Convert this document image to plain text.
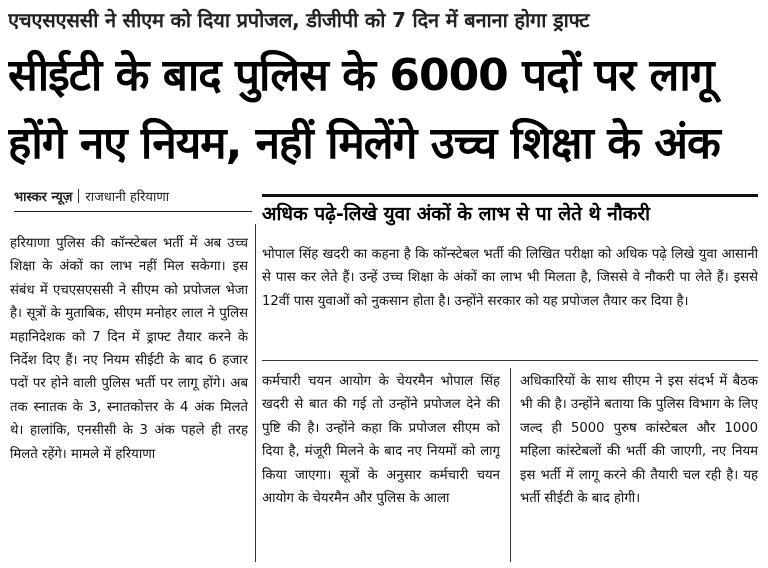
एचएसएससी ने सीएम को दिया प्रपोजल, डीजीपी को 7 दिन में बनाना होगा ड्राफ्ट
सीईटी के बाद पुलिस के 6000 पदों पर लागू
होंगे नए नियम, नहीं मिलेंगे उच्च शिक्षा के अंक
भास्कर न्यूज़ राजधानी हरियाणा
अधिक पढ़े-लिखे युवा अंकों के लाभ से पा लेते थे नौकरी

हरियाणा पुलिस की कॉन्स्टेबल भर्ती में अब उच्च शिक्षा के अंकों का लाभ नहीं मिल सकेगा। इस संबंध में एचएसएससी ने सीएम को प्रपोजल भेजा है। सूत्रों के मुताबिक, सीएम मनोहर लाल ने पुलिस महानिदेशक को 7 दिन में ड्राफ्ट तैयार करने के निर्देश दिए हैं। नए नियम सीईटी के बाद 6 हजार पदों पर होने वाली पुलिस भर्ती पर लागू होंगे। अब तक स्नातक के 3, स्नातकोत्तर के 4 अंक मिलते थे। हालांकि, एनसीसी के 3 अंक पहले ही तरह मिलते रहेंगे। मामले में हरियाणा

भोपाल सिंह खदरी का कहना है कि कॉन्स्टेबल भर्ती की लिखित परीक्षा को अधिक पढ़े लिखे युवा आसानी से पास कर लेते हैं। उन्हें उच्च शिक्षा के अंकों का लाभ भी मिलता है, जिससे वे नौकरी पा लेते हैं। इससे 12वीं पास युवाओं को नुकसान होता है। उन्होंने सरकार को यह प्रपोजल तैयार कर दिया है।

कर्मचारी चयन आयोग के चेयरमैन भोपाल सिंह खदरी से बात की गई तो उन्होंने प्रपोजल देने की पुष्टि की है। उन्होंने कहा कि प्रपोजल सीएम को दिया है, मंजूरी मिलने के बाद नए नियमों को लागू किया जाएगा। सूत्रों के अनुसार कर्मचारी चयन आयोग के चेयरमैन और पुलिस के आला

अधिकारियों के साथ सीएम ने इस संदर्भ में बैठक भी की है। उन्होंने बताया कि पुलिस विभाग के लिए जल्द ही 5000 पुरुष कांस्टेबल और 1000 महिला कांस्टेबलों की भर्ती की जाएगी, नए नियम इस भर्ती में लागू करने की तैयारी चल रही है। यह भर्ती सीईटी के बाद होगी।
